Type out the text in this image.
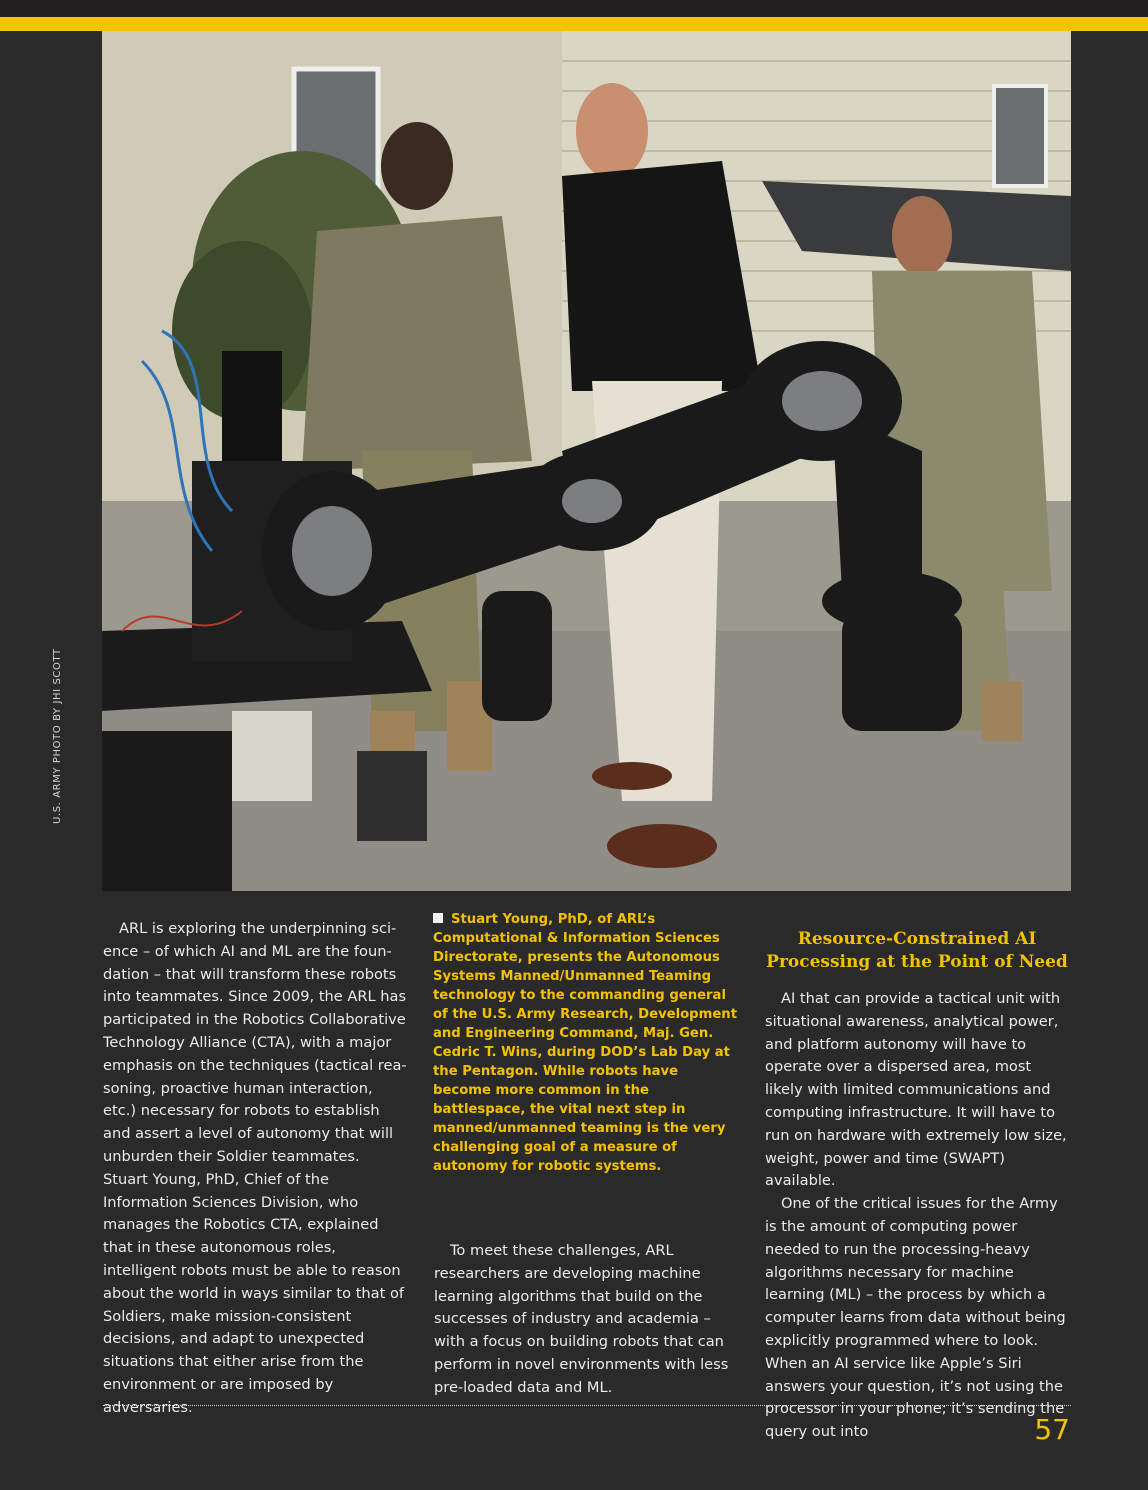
U.S. ARMY PHOTO BY JHI SCOTT

ARL is exploring the underpinning sci- ence – of which AI and ML are the foun- dation – that will transform these robots into teammates. Since 2009, the ARL has participated in the Robotics Collaborative Technology Alliance (CTA), with a major emphasis on the techniques (tactical rea- soning, proactive human interaction, etc.) necessary for robots to establish and assert a level of autonomy that will unburden their Soldier teammates. Stuart Young, PhD, Chief of the Information Sciences Division, who manages the Robotics CTA, explained that in these autonomous roles, intelligent robots must be able to reason about the world in ways similar to that of Soldiers, make mission-consistent decisions, and adapt to unexpected situations that either arise from the environment or are imposed by adversaries.

Stuart Young, PhD, of ARL’s Computational & Information Sciences Directorate, presents the Autonomous Systems Manned/Unmanned Teaming technology to the commanding general of the U.S. Army Research, Development and Engineering Command, Maj. Gen. Cedric T. Wins, during DOD’s Lab Day at the Pentagon. While robots have become more common in the battlespace, the vital next step in manned/unmanned teaming is the very challenging goal of a measure of autonomy for robotic systems.

To meet these challenges, ARL researchers are developing machine learning algorithms that build on the successes of industry and academia – with a focus on building robots that can perform in novel environments with less pre-loaded data and ML.

Resource-Constrained AI Processing at the Point of Need

AI that can provide a tactical unit with situational awareness, analytical power, and platform autonomy will have to operate over a dispersed area, most likely with limited communications and computing infrastructure. It will have to run on hardware with extremely low size, weight, power and time (SWAPT) available.

One of the critical issues for the Army is the amount of computing power needed to run the processing-heavy algorithms necessary for machine learning (ML) – the process by which a computer learns from data without being explicitly programmed where to look. When an AI service like Apple’s Siri answers your question, it’s not using the processor in your phone; it’s sending the query out into	57
